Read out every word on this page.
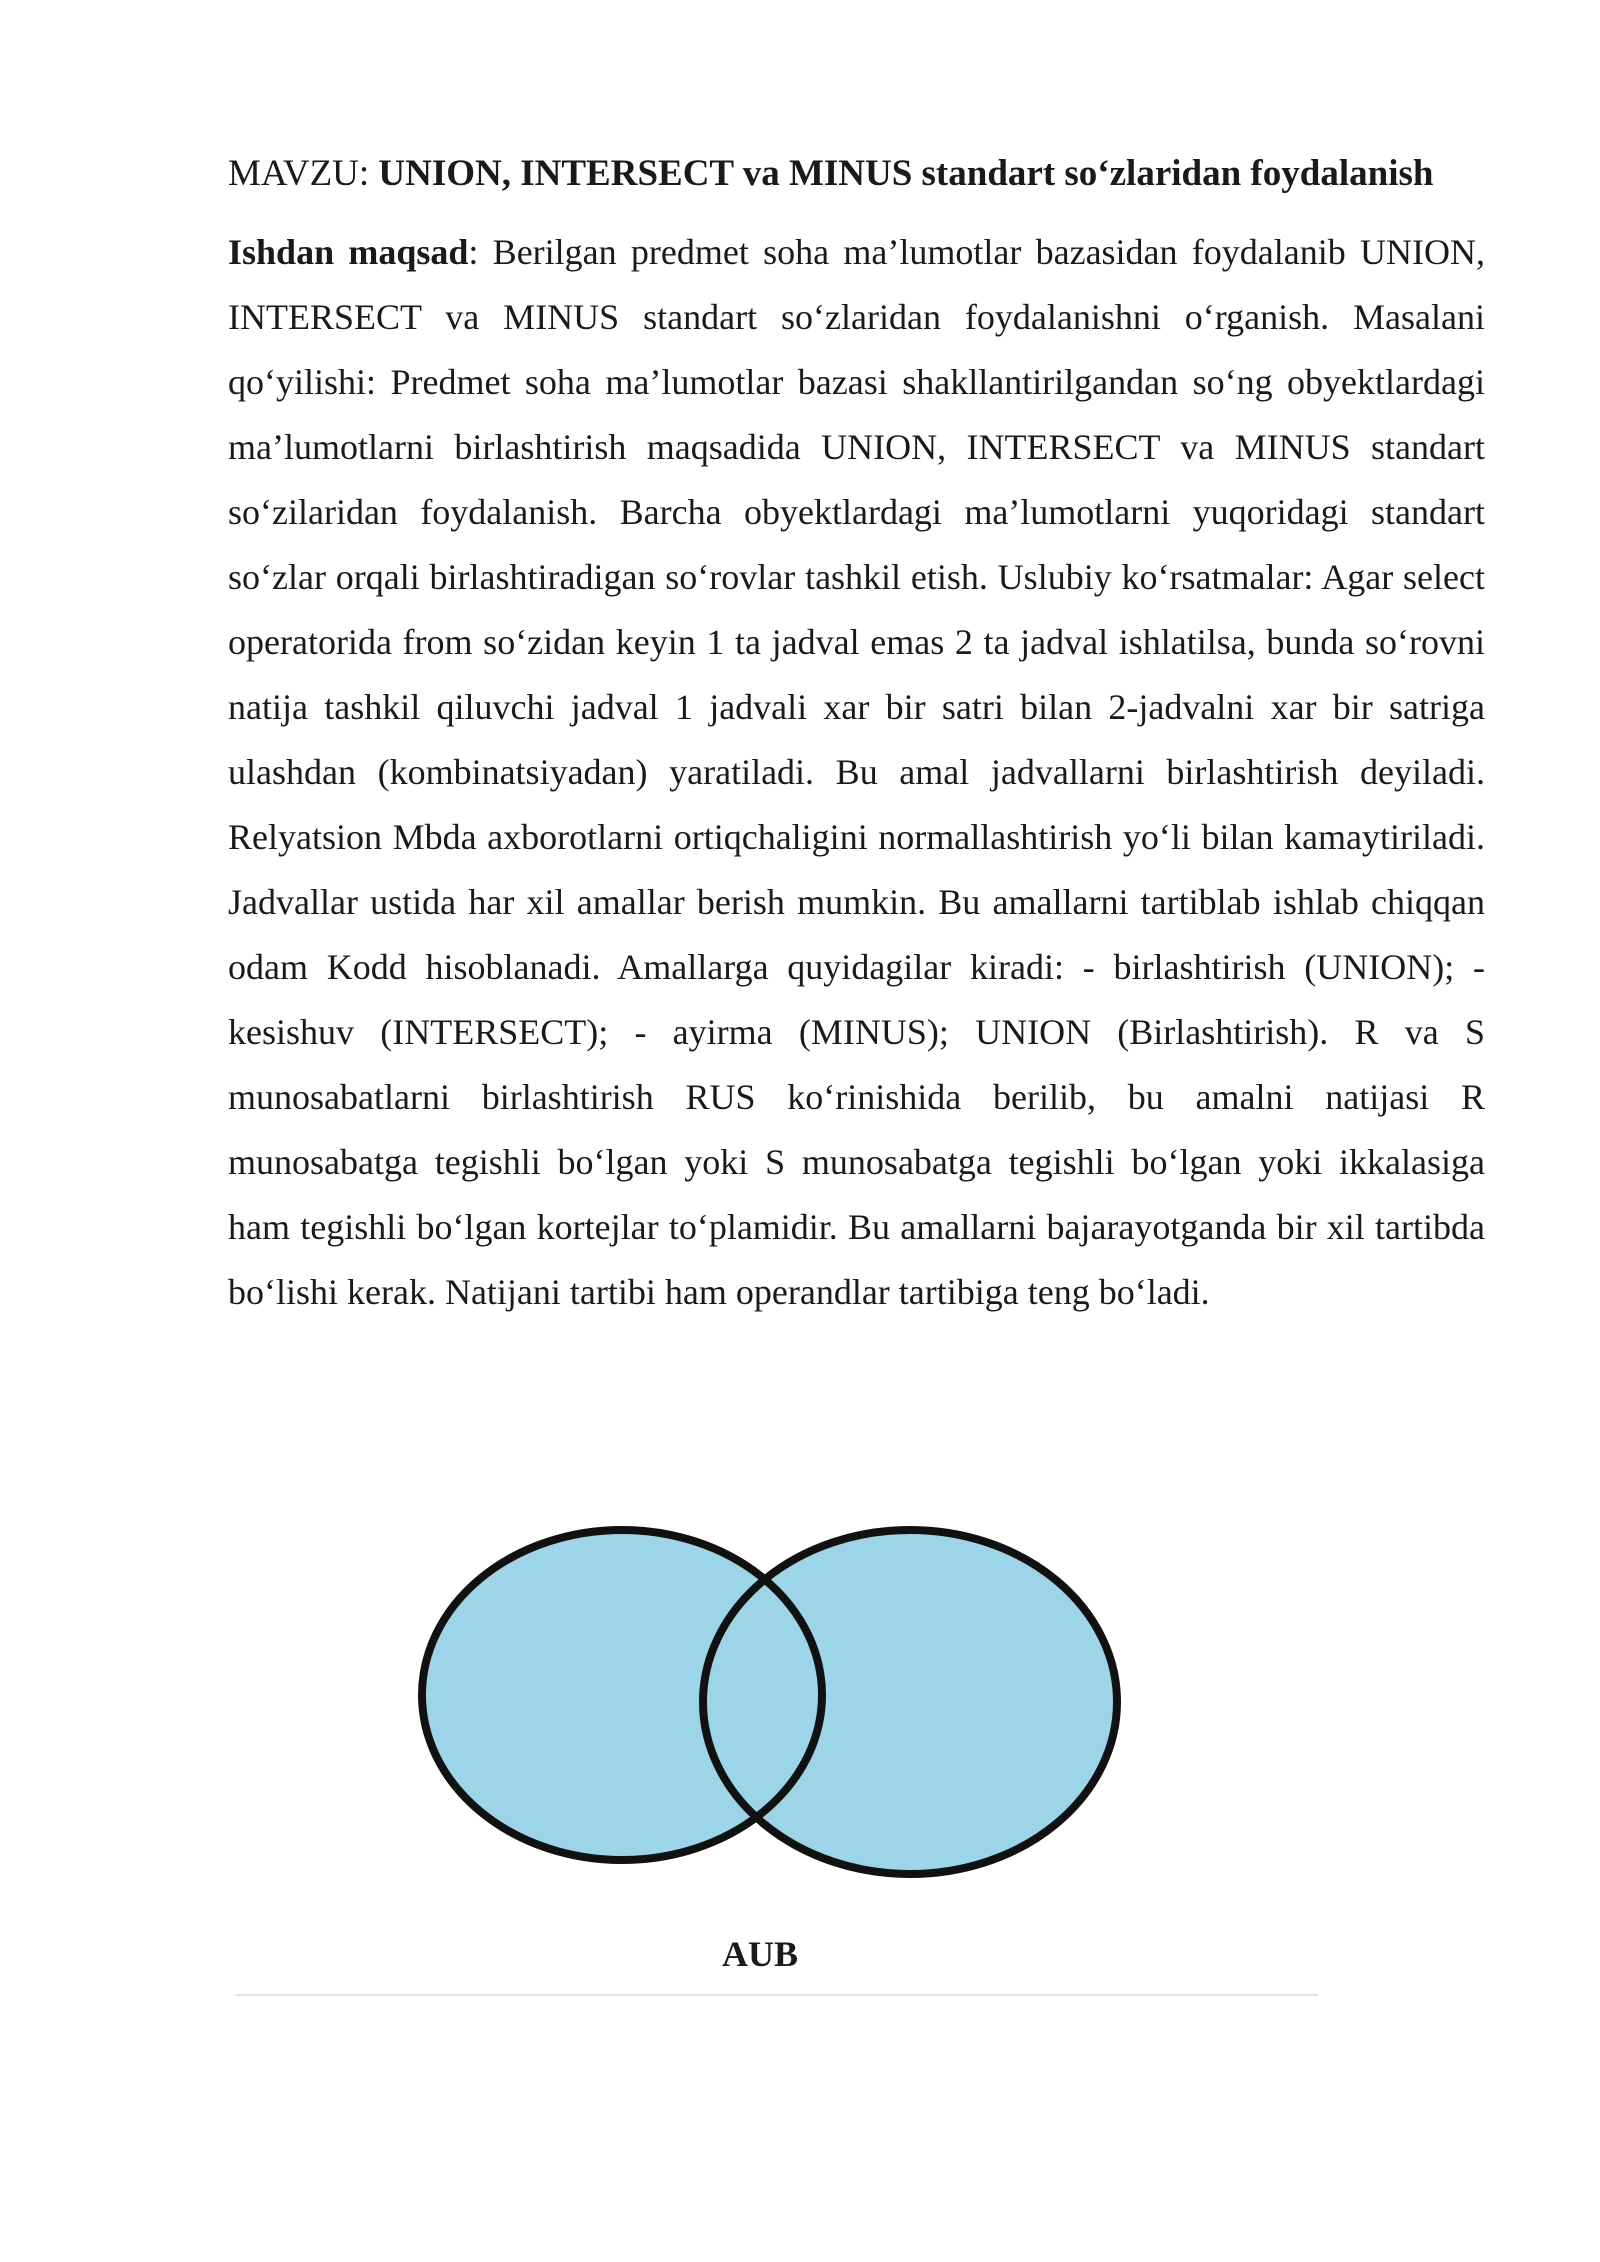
MAVZU: UNION, INTERSECT va MINUS standart so‘zlaridan foydalanish

Ishdan maqsad: Berilgan predmet soha ma’lumotlar bazasidan foydalanib UNION, INTERSECT va MINUS standart so‘zlaridan foydalanishni o‘rganish. Masalani qo‘yilishi: Predmet soha ma’lumotlar bazasi shakllantirilgandan so‘ng obyektlardagi ma’lumotlarni birlashtirish maqsadida UNION, INTERSECT va MINUS standart so‘zilaridan foydalanish. Barcha obyektlardagi ma’lumotlarni yuqoridagi standart so‘zlar orqali birlashtiradigan so‘rovlar tashkil etish. Uslubiy ko‘rsatmalar: Agar select operatorida from so‘zidan keyin 1 ta jadval emas 2 ta jadval ishlatilsa, bunda so‘rovni natija tashkil qiluvchi jadval 1 jadvali xar bir satri bilan 2-jadvalni xar bir satriga ulashdan (kombinatsiyadan) yaratiladi. Bu amal jadvallarni birlashtirish deyiladi. Relyatsion Mbda axborotlarni ortiqchaligini normallashtirish yo‘li bilan kamaytiriladi. Jadvallar ustida har xil amallar berish mumkin. Bu amallarni tartiblab ishlab chiqqan odam Kodd hisoblanadi. Amallarga quyidagilar kiradi: - birlashtirish (UNION); - kesishuv (INTERSECT); - ayirma (MINUS); UNION (Birlashtirish). R va S munosabatlarni birlashtirish RUS ko‘rinishida berilib, bu amalni natijasi R munosabatga tegishli bo‘lgan yoki S munosabatga tegishli bo‘lgan yoki ikkalasiga ham tegishli bo‘lgan kortejlar to‘plamidir. Bu amallarni bajarayotganda bir xil tartibda bo‘lishi kerak. Natijani tartibi ham operandlar tartibiga teng bo‘ladi.

AUB
